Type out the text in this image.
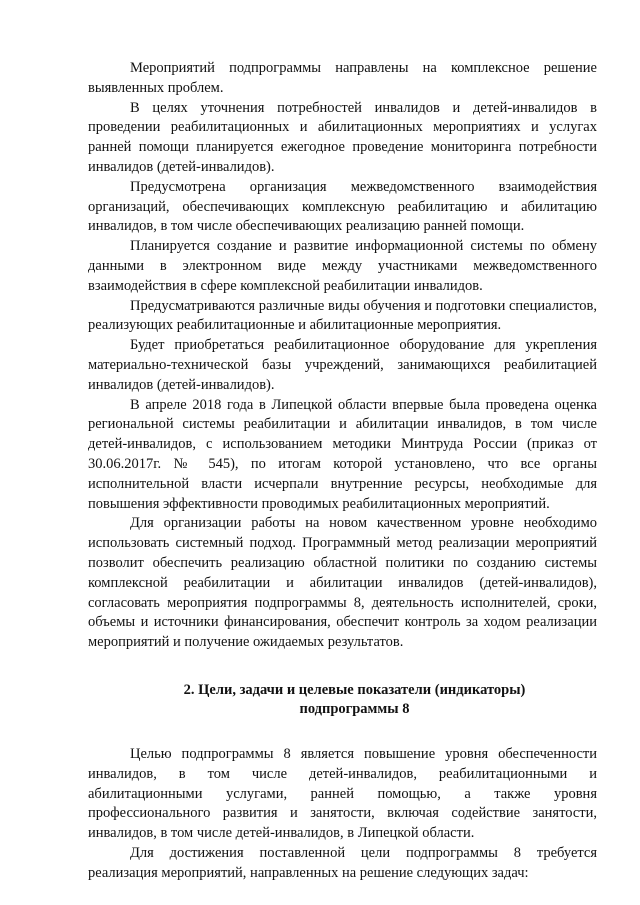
Мероприятий подпрограммы направлены на комплексное решение выявленных проблем.

В целях уточнения потребностей инвалидов и детей-инвалидов в проведении реабилитационных и абилитационных мероприятиях и услугах ранней помощи планируется ежегодное проведение мониторинга потребности инвалидов (детей-инвалидов).

Предусмотрена организация межведомственного взаимодействия организаций, обеспечивающих комплексную реабилитацию и абилитацию инвалидов, в том числе обеспечивающих реализацию ранней помощи.

Планируется создание и развитие информационной системы по обмену данными в электронном виде между участниками межведомственного взаимодействия в сфере комплексной реабилитации инвалидов.

Предусматриваются различные виды обучения и подготовки специалистов, реализующих реабилитационные и абилитационные мероприятия.

Будет приобретаться реабилитационное оборудование для укрепления материально-технической базы учреждений, занимающихся реабилитацией инвалидов (детей-инвалидов).

В апреле 2018 года в Липецкой области впервые была проведена оценка региональной системы реабилитации и абилитации инвалидов, в том числе детей-инвалидов, с использованием методики Минтруда России (приказ от 30.06.2017г. № 545), по итогам которой установлено, что все органы исполнительной власти исчерпали внутренние ресурсы, необходимые для повышения эффективности проводимых реабилитационных мероприятий.

Для организации работы на новом качественном уровне необходимо использовать системный подход. Программный метод реализации мероприятий позволит обеспечить реализацию областной политики по созданию системы комплексной реабилитации и абилитации инвалидов (детей-инвалидов), согласовать мероприятия подпрограммы 8, деятельность исполнителей, сроки, объемы и источники финансирования, обеспечит контроль за ходом реализации мероприятий и получение ожидаемых результатов.

2. Цели, задачи и целевые показатели (индикаторы)
подпрограммы 8

Целью подпрограммы 8 является повышение уровня обеспеченности инвалидов, в том числе детей-инвалидов, реабилитационными и абилитационными услугами, ранней помощью, а также уровня профессионального развития и занятости, включая содействие занятости, инвалидов, в том числе детей-инвалидов, в Липецкой области.

Для достижения поставленной цели подпрограммы 8 требуется реализация мероприятий, направленных на решение следующих задач:
